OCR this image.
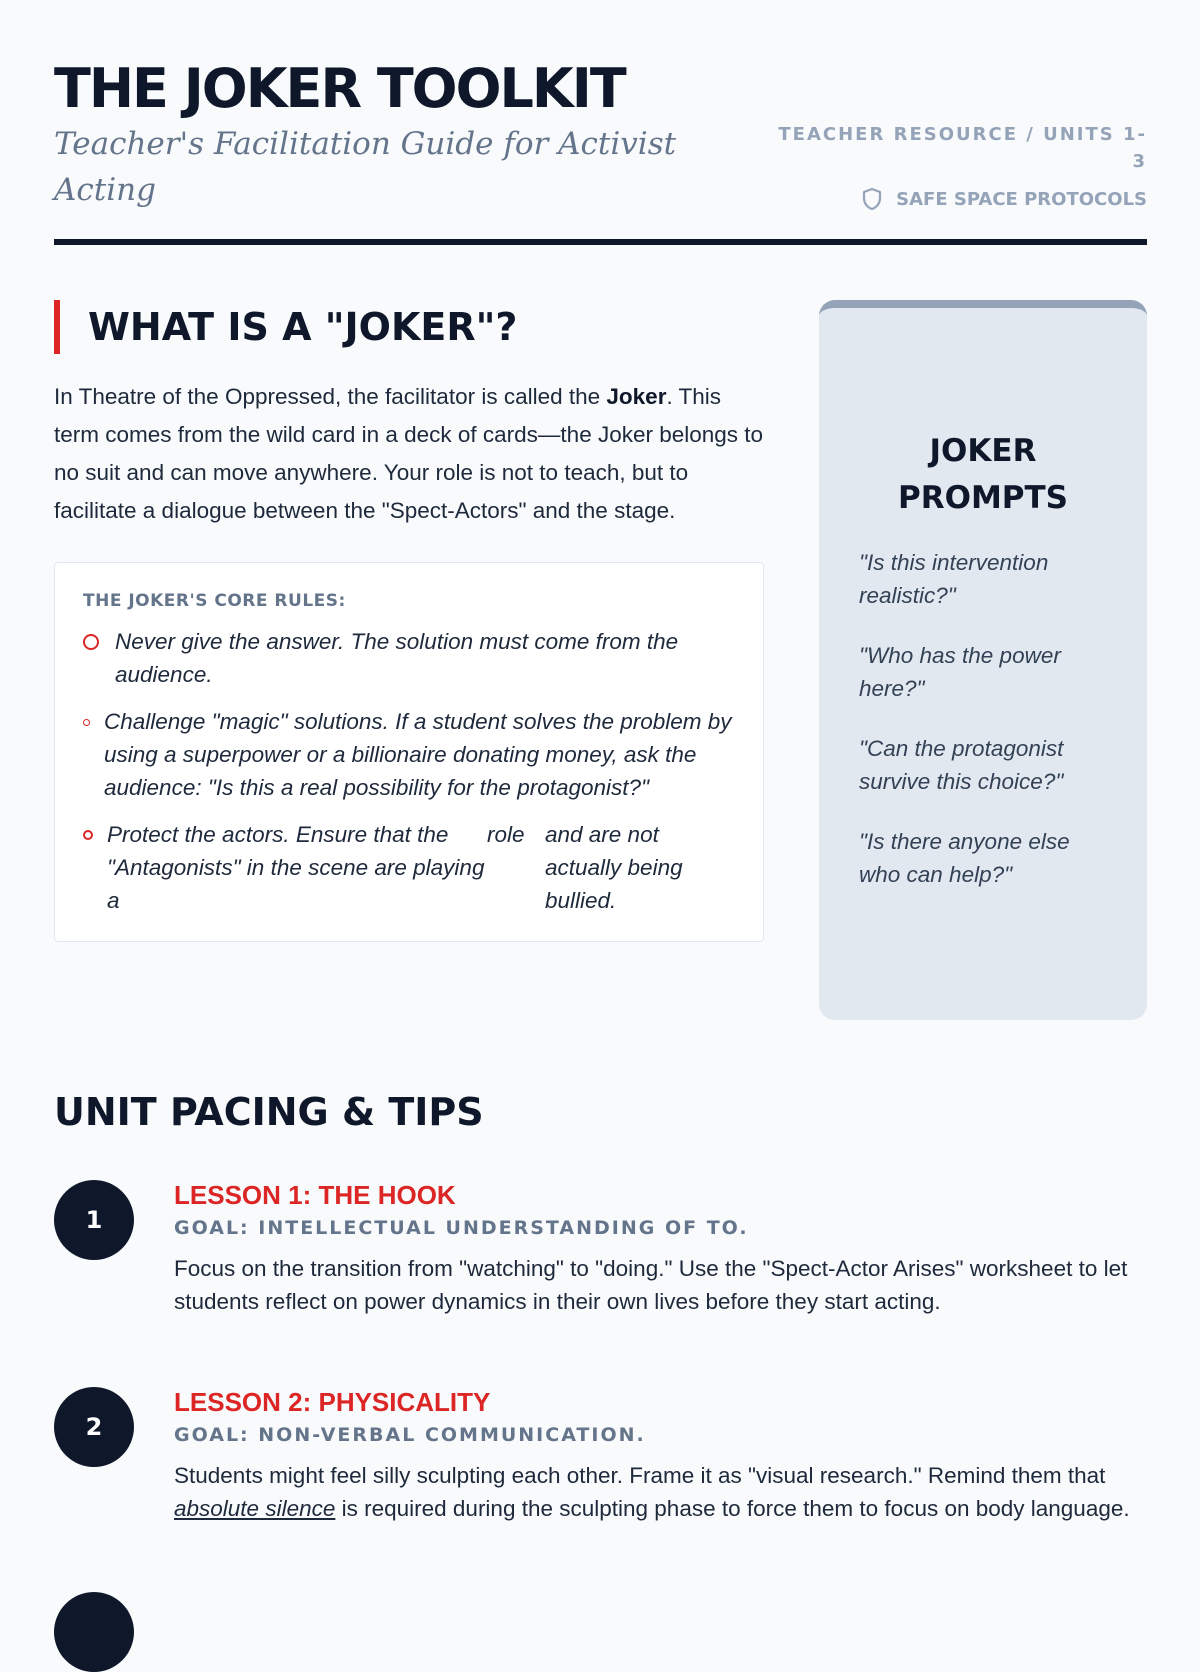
THE JOKER TOOLKIT
Teacher's Facilitation Guide for Activist Acting
TEACHER RESOURCE / UNITS 1-3
SAFE SPACE PROTOCOLS
WHAT IS A "JOKER"?

In Theatre of the Oppressed, the facilitator is called the Joker. This term comes from the wild card in a deck of cards—the Joker belongs to no suit and can move anywhere. Your role is not to teach, but to facilitate a dialogue between the "Spect-Actors" and the stage.

THE JOKER'S CORE RULES:
Never give the answer. The solution must come from the audience.
Challenge "magic" solutions. If a student solves the problem by using a superpower or a billionaire donating money, ask the audience: "Is this a real possibility for the protagonist?"
Protect the actors. Ensure that the "Antagonists" in the scene are playing a
role and are not actually being bullied.
JOKER PROMPTS
"Is this intervention realistic?"
"Who has the power here?"
"Can the protagonist survive this choice?"
"Is there anyone else who can help?"
UNIT PACING & TIPS
1
LESSON 1: THE HOOK
GOAL: INTELLECTUAL UNDERSTANDING OF TO.
Focus on the transition from "watching" to "doing." Use the "Spect-Actor Arises" worksheet to let students reflect on power dynamics in their own lives before they start acting.
2
LESSON 2: PHYSICALITY
GOAL: NON-VERBAL COMMUNICATION.
Students might feel silly sculpting each other. Frame it as "visual research." Remind them that absolute silence is required during the sculpting phase to force them to focus on body language.
